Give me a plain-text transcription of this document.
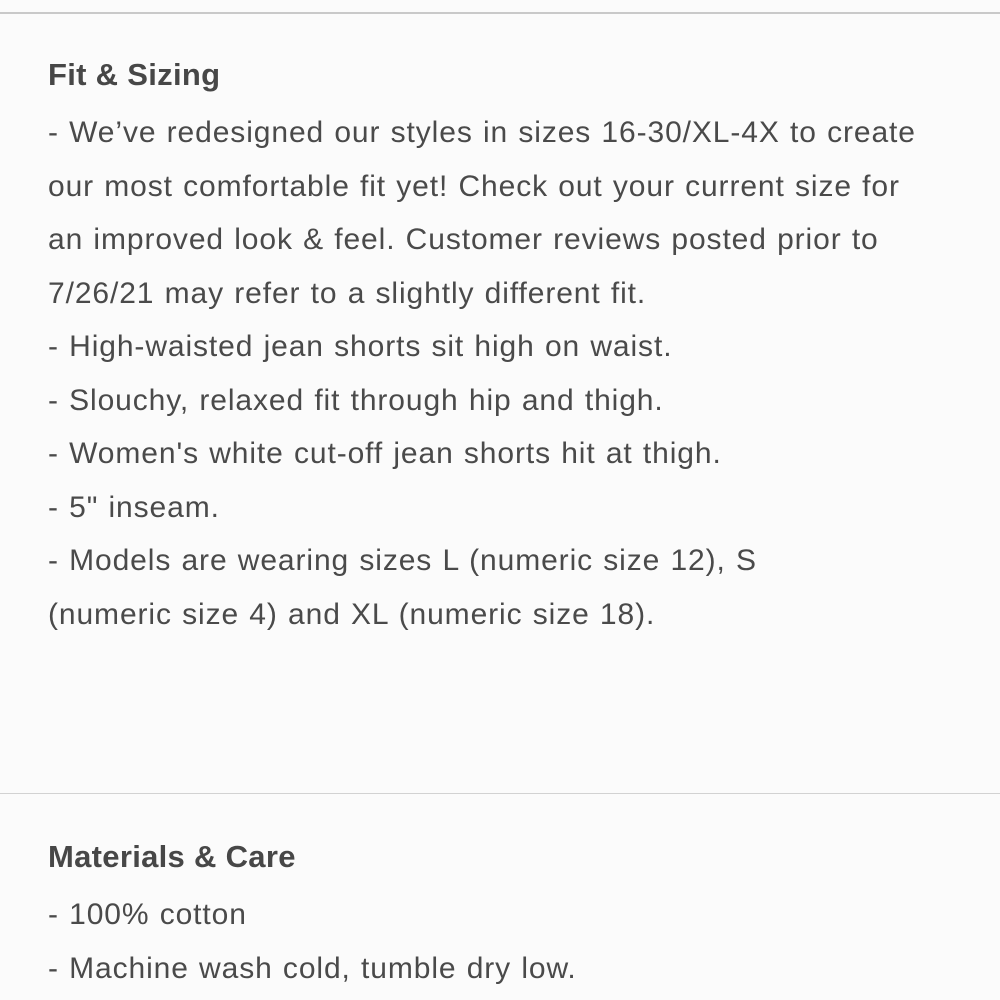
Fit & Sizing

- We’ve redesigned our styles in sizes 16-30/XL-4X to create our most comfortable fit yet! Check out your current size for an improved look & feel. Customer reviews posted prior to 7/26/21 may refer to a slightly different fit.

- High-waisted jean shorts sit high on waist.
- Slouchy, relaxed fit through hip and thigh.
- Women's white cut-off jean shorts hit at thigh.
- 5" inseam.
- Models are wearing sizes L (numeric size 12), S
(numeric size 4) and XL (numeric size 18).
Materials & Care
- 100% cotton
- Machine wash cold, tumble dry low.
